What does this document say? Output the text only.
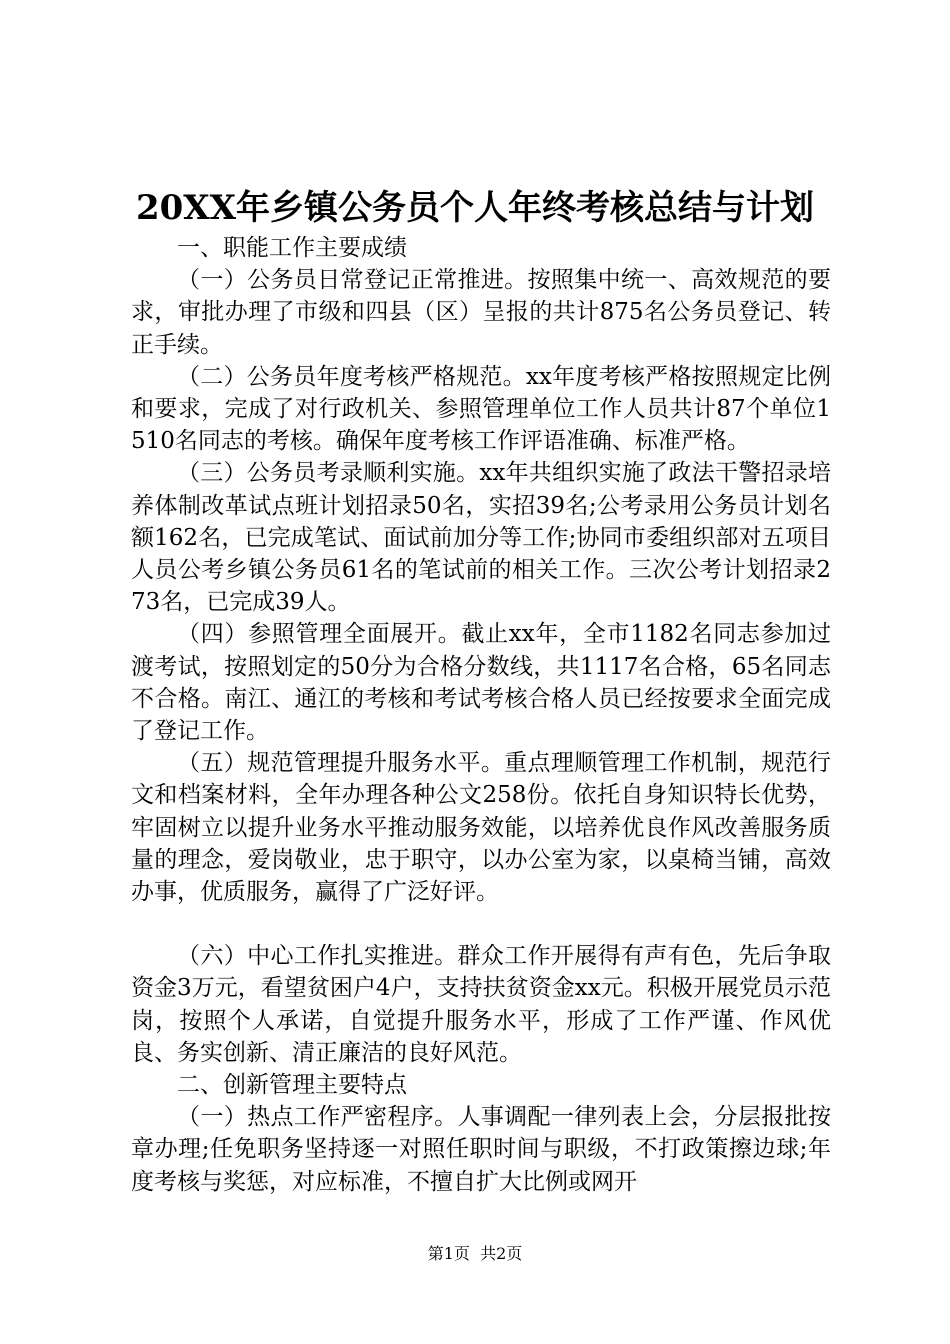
20XX年乡镇公务员个人年终考核总结与计划

一、职能工作主要成绩

（一）公务员日常登记正常推进。按照集中统一、高效规范的要求，审批办理了市级和四县（区）呈报的共计875名公务员登记、转正手续。

（二）公务员年度考核严格规范。xx年度考核严格按照规定比例和要求，完成了对行政机关、参照管理单位工作人员共计87个单位1510名同志的考核。确保年度考核工作评语准确、标准严格。

（三）公务员考录顺利实施。xx年共组织实施了政法干警招录培养体制改革试点班计划招录50名，实招39名;公考录用公务员计划名额162名，已完成笔试、面试前加分等工作;协同市委组织部对五项目人员公考乡镇公务员61名的笔试前的相关工作。三次公考计划招录273名，已完成39人。

（四）参照管理全面展开。截止xx年，全市1182名同志参加过渡考试，按照划定的50分为合格分数线，共1117名合格，65名同志不合格。南江、通江的考核和考试考核合格人员已经按要求全面完成了登记工作。

（五）规范管理提升服务水平。重点理顺管理工作机制，规范行文和档案材料，全年办理各种公文258份。依托自身知识特长优势，牢固树立以提升业务水平推动服务效能，以培养优良作风改善服务质量的理念，爱岗敬业，忠于职守，以办公室为家，以桌椅当铺，高效办事，优质服务，赢得了广泛好评。

（六）中心工作扎实推进。群众工作开展得有声有色，先后争取资金3万元，看望贫困户4户，支持扶贫资金xx元。积极开展党员示范岗，按照个人承诺，自觉提升服务水平，形成了工作严谨、作风优良、务实创新、清正廉洁的良好风范。

二、创新管理主要特点

（一）热点工作严密程序。人事调配一律列表上会，分层报批按章办理;任免职务坚持逐一对照任职时间与职级，不打政策擦边球;年度考核与奖惩，对应标准，不擅自扩大比例或网开

第1页  共2页
